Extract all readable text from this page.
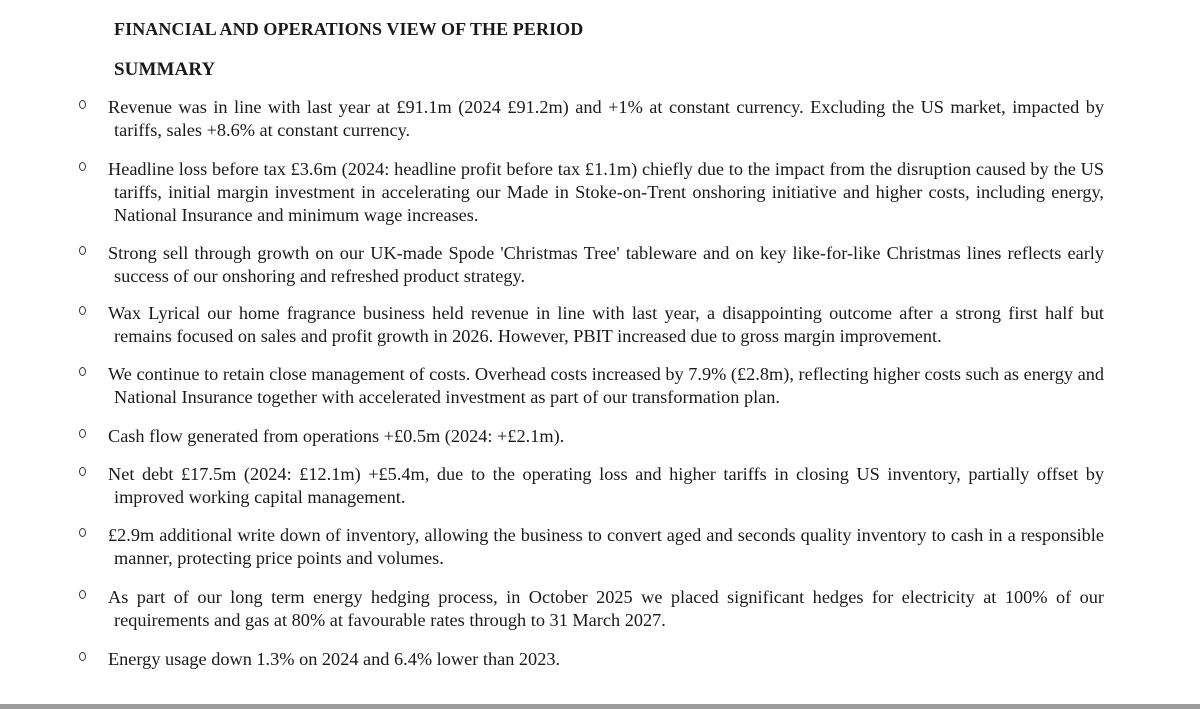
FINANCIAL AND OPERATIONS VIEW OF THE PERIOD
SUMMARY
Revenue was in line with last year at £91.1m (2024 £91.2m) and +1% at constant currency. Excluding the US market, impacted by tariffs, sales +8.6% at constant currency.
Headline loss before tax £3.6m (2024: headline profit before tax £1.1m) chiefly due to the impact from the disruption caused by the US tariffs, initial margin investment in accelerating our Made in Stoke-on-Trent onshoring initiative and higher costs, including energy, National Insurance and minimum wage increases.
Strong sell through growth on our UK-made Spode 'Christmas Tree' tableware and on key like-for-like Christmas lines reflects early success of our onshoring and refreshed product strategy.
Wax Lyrical our home fragrance business held revenue in line with last year, a disappointing outcome after a strong first half but remains focused on sales and profit growth in 2026. However, PBIT increased due to gross margin improvement.
We continue to retain close management of costs. Overhead costs increased by 7.9% (£2.8m), reflecting higher costs such as energy and National Insurance together with accelerated investment as part of our transformation plan.
Cash flow generated from operations +£0.5m (2024: +£2.1m).
Net debt £17.5m (2024: £12.1m) +£5.4m, due to the operating loss and higher tariffs in closing US inventory, partially offset by improved working capital management.
£2.9m additional write down of inventory, allowing the business to convert aged and seconds quality inventory to cash in a responsible manner, protecting price points and volumes.
As part of our long term energy hedging process, in October 2025 we placed significant hedges for electricity at 100% of our requirements and gas at 80% at favourable rates through to 31 March 2027.
Energy usage down 1.3% on 2024 and 6.4% lower than 2023.
